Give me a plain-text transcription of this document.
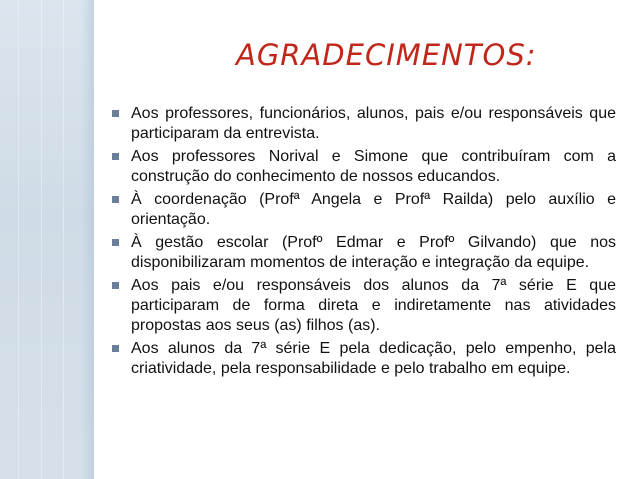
AGRADECIMENTOS:
Aos professores, funcionários, alunos, pais e/ou responsáveis que participaram da entrevista.
Aos professores Norival e Simone que contribuíram com a construção do conhecimento de nossos educandos.
À coordenação (Profª Angela e Profª Railda) pelo auxílio e orientação.
À gestão escolar (Profº Edmar e Profº Gilvando) que nos disponibilizaram momentos de interação e integração da equipe.
Aos pais e/ou responsáveis dos alunos da 7ª série E que participaram de forma direta e indiretamente nas atividades propostas aos seus (as) filhos (as).
Aos alunos da 7ª série E pela dedicação, pelo empenho, pela criatividade, pela responsabilidade e pelo trabalho em equipe.
